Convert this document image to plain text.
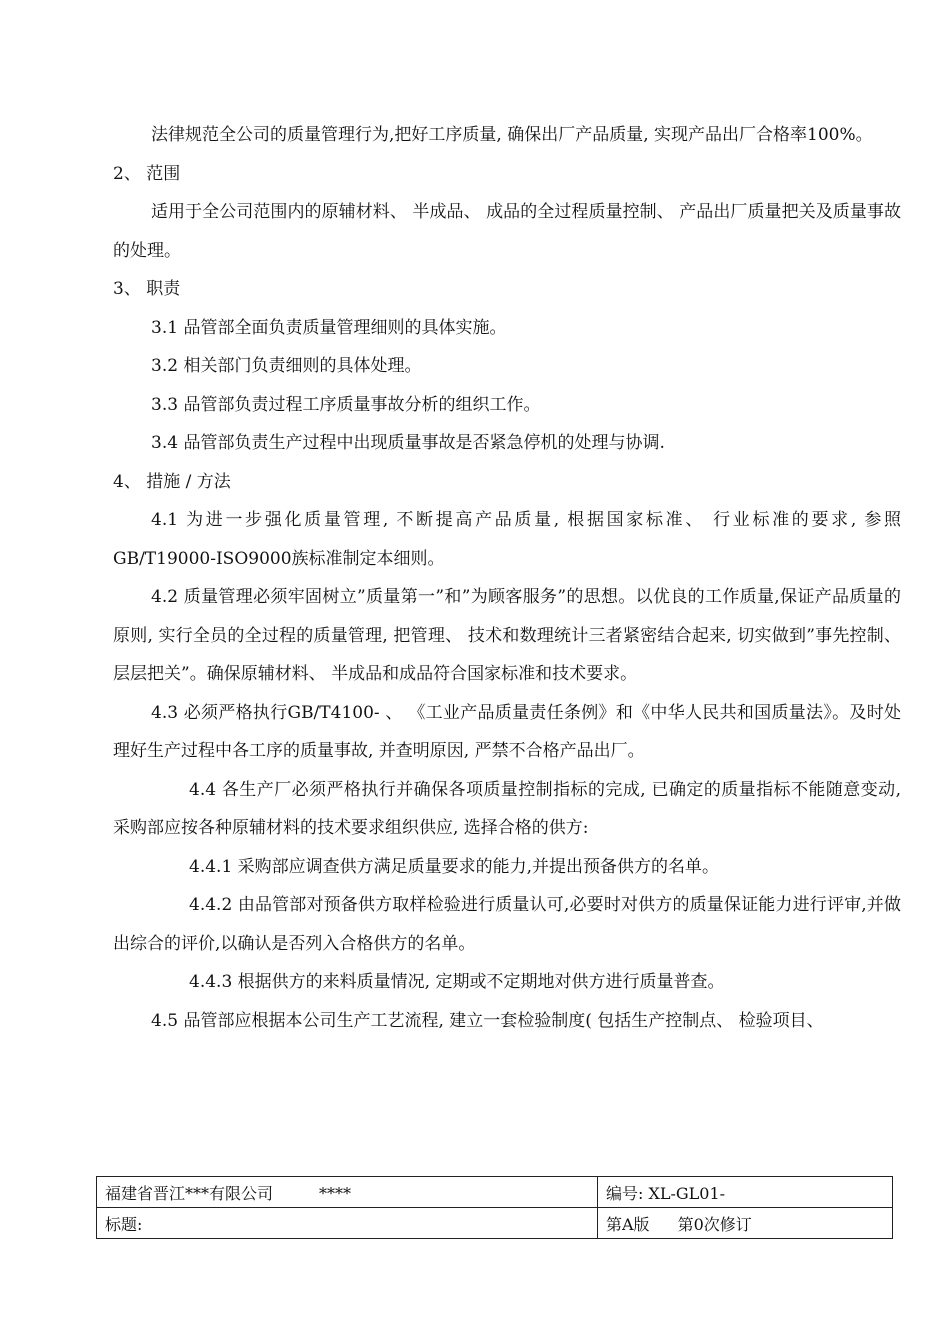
法律规范全公司的质量管理行为,把好工序质量, 确保出厂产品质量, 实现产品出厂合格率100%。

2、 范围

适用于全公司范围内的原辅材料、 半成品、 成品的全过程质量控制、 产品出厂质量把关及质量事故的处理。

3、 职责

3.1 品管部全面负责质量管理细则的具体实施。

3.2 相关部门负责细则的具体处理。

3.3 品管部负责过程工序质量事故分析的组织工作。

3.4 品管部负责生产过程中出现质量事故是否紧急停机的处理与协调.

4、 措施 / 方法

4.1 为进一步强化质量管理, 不断提高产品质量, 根据国家标准、 行业标准的要求, 参照GB/T19000-ISO9000族标准制定本细则。

4.2 质量管理必须牢固树立”质量第一”和”为顾客服务”的思想。以优良的工作质量,保证产品质量的原则, 实行全员的全过程的质量管理, 把管理、 技术和数理统计三者紧密结合起来, 切实做到”事先控制、 层层把关”。确保原辅材料、 半成品和成品符合国家标准和技术要求。

4.3 必须严格执行GB/T4100- 、 《工业产品质量责任条例》和《中华人民共和国质量法》。及时处理好生产过程中各工序的质量事故, 并查明原因, 严禁不合格产品出厂。

4.4 各生产厂必须严格执行并确保各项质量控制指标的完成, 已确定的质量指标不能随意变动, 采购部应按各种原辅材料的技术要求组织供应, 选择合格的供方:

4.4.1 采购部应调查供方满足质量要求的能力,并提出预备供方的名单。

4.4.2 由品管部对预备供方取样检验进行质量认可,必要时对供方的质量保证能力进行评审,并做出综合的评价,以确认是否列入合格供方的名单。

4.4.3 根据供方的来料质量情况, 定期或不定期地对供方进行质量普查。

4.5 品管部应根据本公司生产工艺流程, 建立一套检验制度( 包括生产控制点、 检验项目、

福建省晋江***有限公司 ****	编号: XL-GL01-
标题:	第A版 第0次修订
